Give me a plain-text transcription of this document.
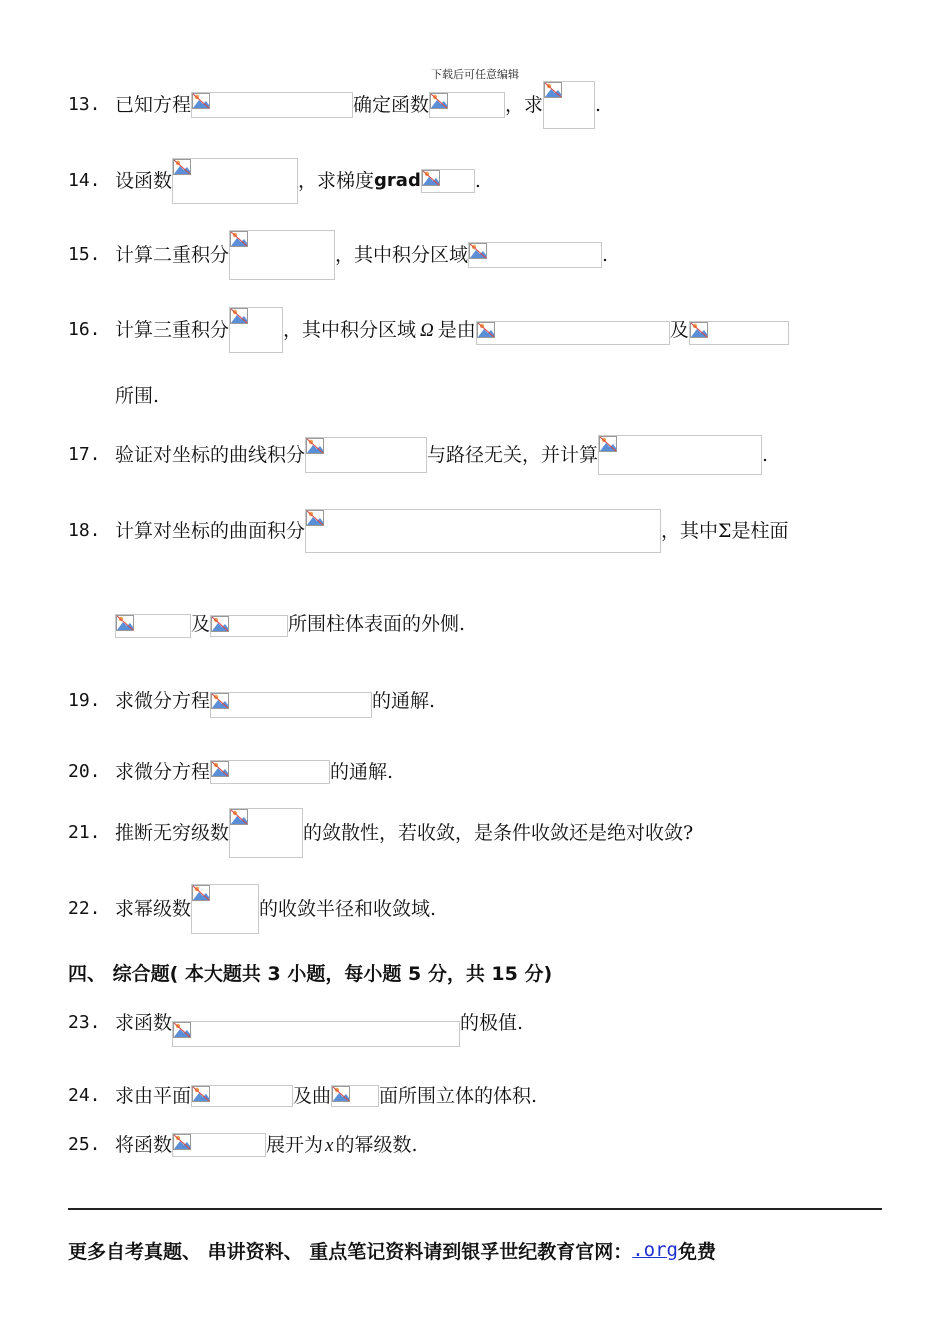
下载后可任意编辑
13. 已知方程	确定函数	，求	.
14. 设函数	，求梯度 grad	.
15. 计算二重积分	，其中积分区域	.
16. 计算三重积分	，其中积分区域 Ω 是由	及
所围.
17. 验证对坐标的曲线积分	与路径无关，并计算	.
18. 计算对坐标的曲面积分	，其中Σ是柱面
及	所围柱体表面的外侧.
19. 求微分方程	的通解.
20. 求微分方程	的通解.
21. 推断无穷级数	的敛散性，若收敛，是条件收敛还是绝对收敛?
22. 求幂级数	的收敛半径和收敛域.
四、 综合题( 本大题共 3 小题，每小题 5 分，共 15 分)
23. 求函数	的极值.
24. 求由平面	及曲	面所围立体的体积.
25. 将函数	展开为 x 的幂级数.
更多自考真题、 串讲资料、 重点笔记资料请到银孚世纪教育官网： .org 免费
